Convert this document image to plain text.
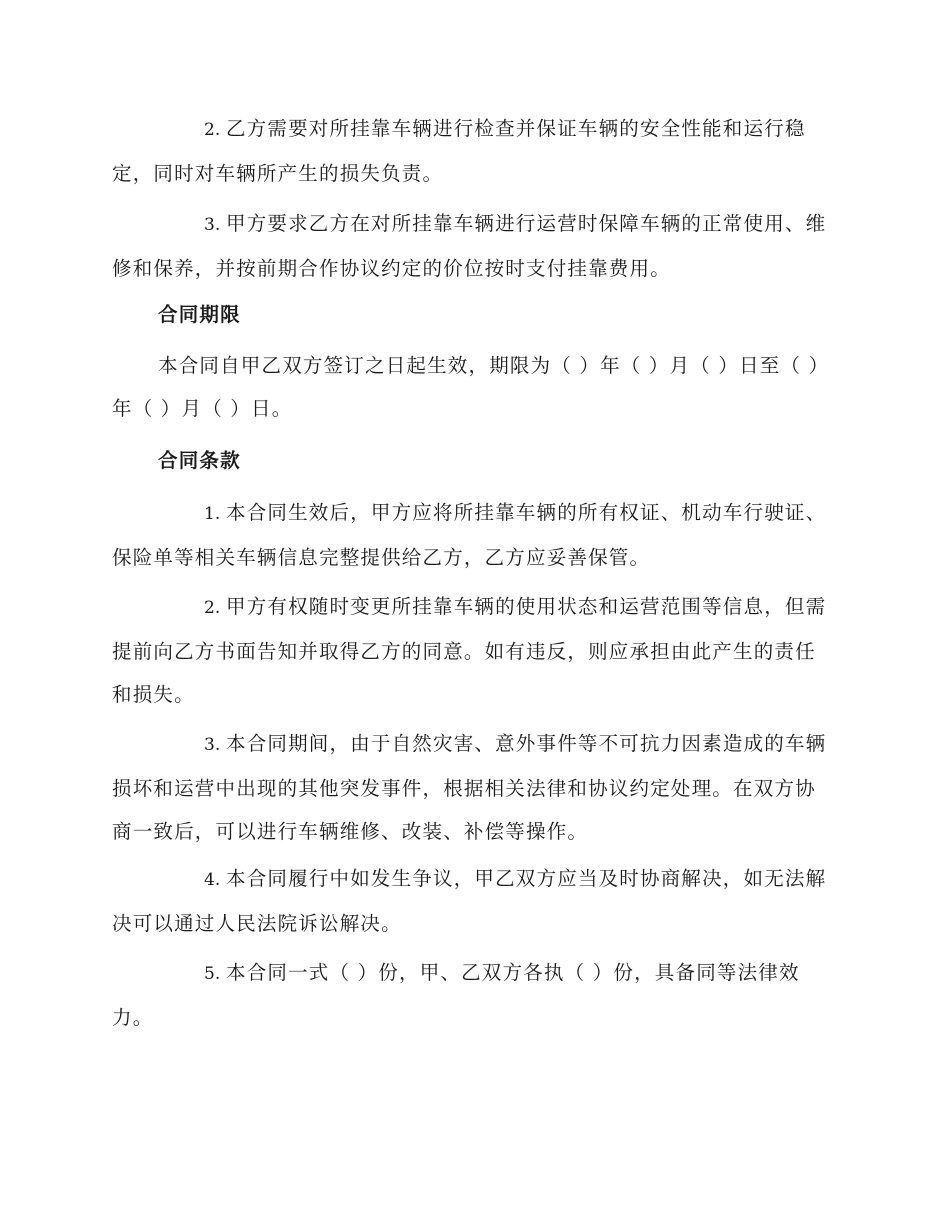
2. 乙方需要对所挂靠车辆进行检查并保证车辆的安全性能和运行稳定，同时对车辆所产生的损失负责。

3. 甲方要求乙方在对所挂靠车辆进行运营时保障车辆的正常使用、维修和保养，并按前期合作协议约定的价位按时支付挂靠费用。

合同期限

本合同自甲乙双方签订之日起生效，期限为（ ）年（ ）月（ ）日至（ ）年（ ）月（ ）日。

合同条款

1. 本合同生效后，甲方应将所挂靠车辆的所有权证、机动车行驶证、保险单等相关车辆信息完整提供给乙方，乙方应妥善保管。

2. 甲方有权随时变更所挂靠车辆的使用状态和运营范围等信息，但需提前向乙方书面告知并取得乙方的同意。如有违反，则应承担由此产生的责任和损失。

3. 本合同期间，由于自然灾害、意外事件等不可抗力因素造成的车辆损坏和运营中出现的其他突发事件，根据相关法律和协议约定处理。在双方协商一致后，可以进行车辆维修、改装、补偿等操作。

4. 本合同履行中如发生争议，甲乙双方应当及时协商解决，如无法解决可以通过人民法院诉讼解决。

5. 本合同一式（ ）份，甲、乙双方各执（ ）份，具备同等法律效力。
